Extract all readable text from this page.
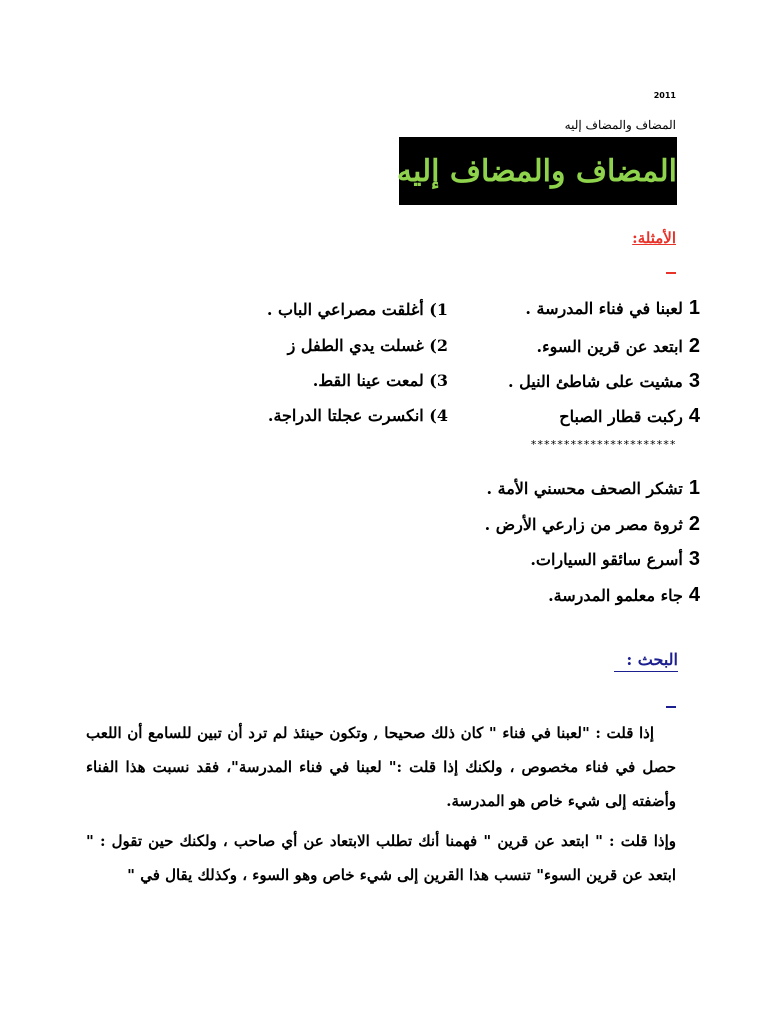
2011
المضاف والمضاف إليه
المضاف والمضاف إليه
الأمثلة:
1لعبنا في فناء المدرسة .
2ابتعد عن قرين السوء.
3مشيت على شاطئ النيل .
4ركبت قطار الصباح
1) أغلقت مصراعي الباب .
2) غسلت يدي الطفل ز
3) لمعت عينا القط.
4) انكسرت عجلتا الدراجة.
**********************
1تشكر الصحف محسني الأمة .
2ثروة مصر من زارعي الأرض .
3أسرع سائقو السيارات.
4جاء معلمو المدرسة.
البحث :
إذا قلت : "لعبنا في فناء " كان ذلك صحيحا , وتكون حينئذ لم ترد أن تبين للسامع أن اللعب حصل في فناء مخصوص ، ولكنك إذا قلت :" لعبنا في فناء المدرسة"، فقد نسبت هذا الفناء وأضفته إلى شيء خاص هو المدرسة.
وإذا قلت : " ابتعد عن قرين " فهمنا أنك تطلب الابتعاد عن أي صاحب ، ولكنك حين تقول : " ابتعد عن قرين السوء" تنسب هذا القرين إلى شيء خاص وهو السوء ، وكذلك يقال في "
